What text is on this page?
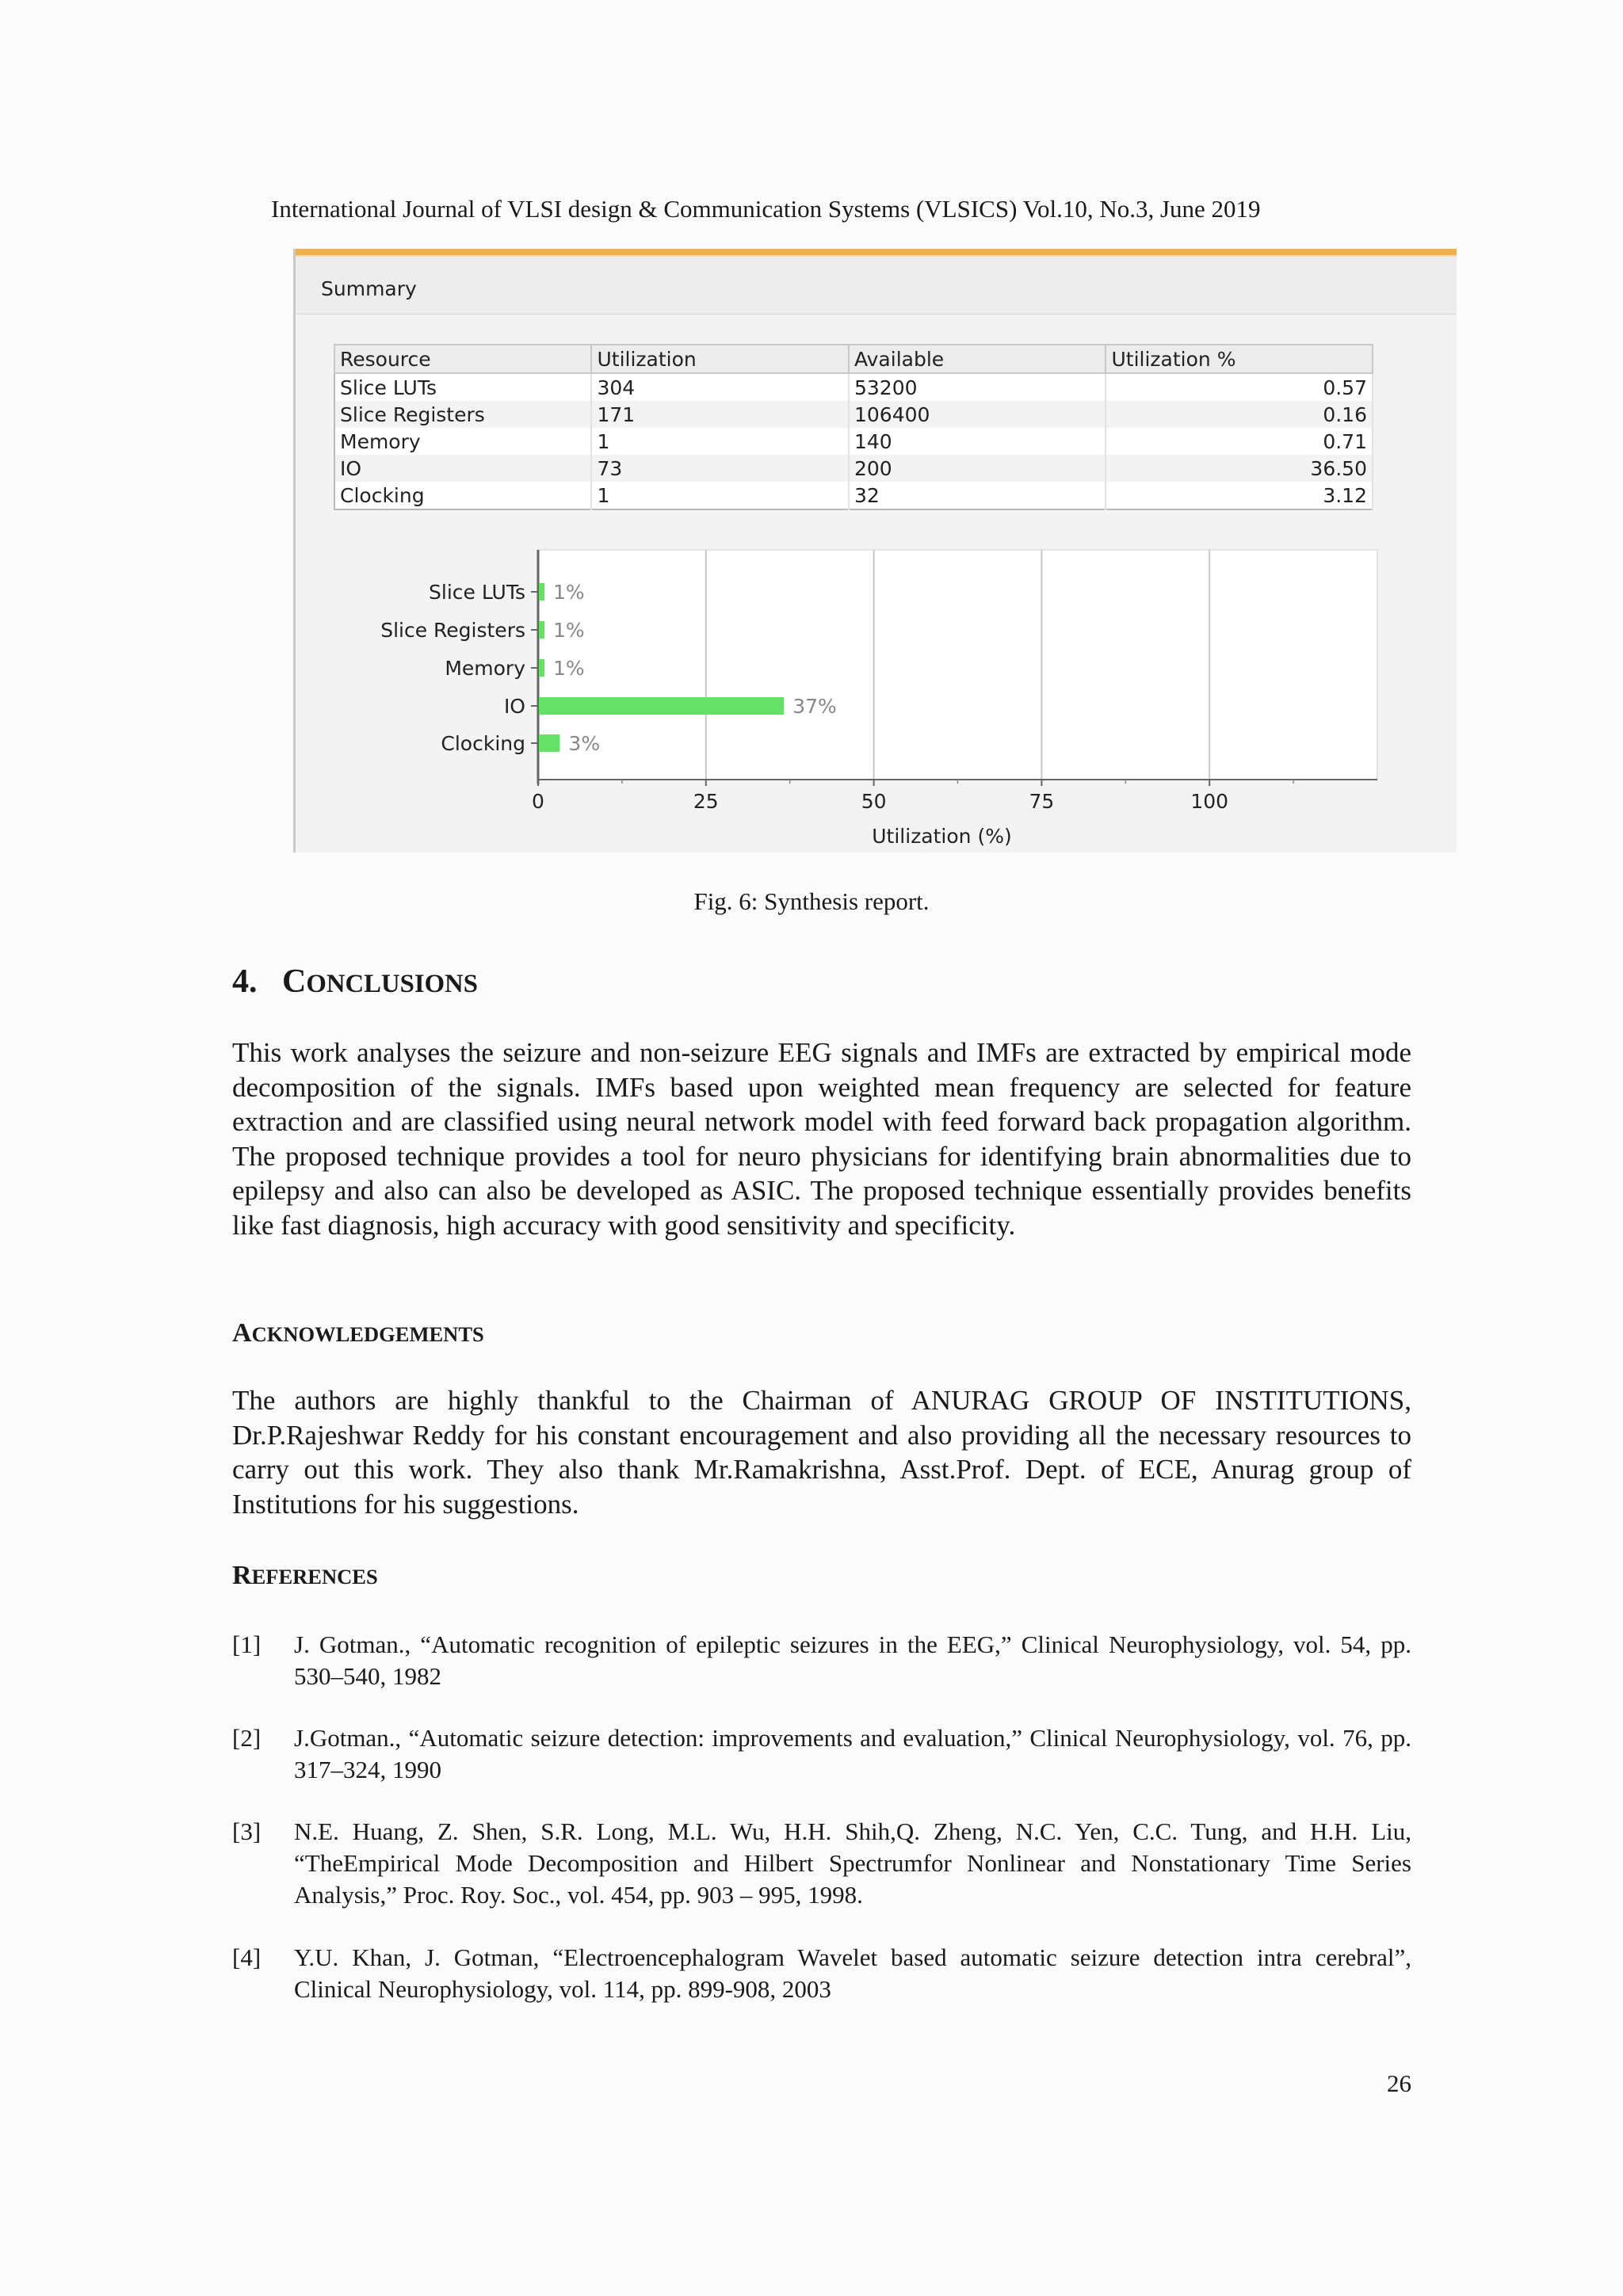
International Journal of VLSI design & Communication Systems (VLSICS) Vol.10, No.3, June 2019
Summary
Resource	Utilization	Available	Utilization %
Slice LUTs	304	53200	0.57
Slice Registers	171	106400	0.16
Memory	1	140	0.71
IO	73	200	36.50
Clocking	1	32	3.12
0	25	50	75	100
Slice LUTs 1%
Slice Registers 1%
Memory 1%
IO	37%
Clocking 3%
Utilization (%)
Fig. 6: Synthesis report.
4. CONCLUSIONS

This work analyses the seizure and non-seizure EEG signals and IMFs are extracted by empirical mode decomposition of the signals. IMFs based upon weighted mean frequency are selected for feature extraction and are classified using neural network model with feed forward back propagation algorithm. The proposed technique provides a tool for neuro physicians for identifying brain abnormalities due to epilepsy and also can also be developed as ASIC. The proposed technique essentially provides benefits like fast diagnosis, high accuracy with good sensitivity and specificity.

ACKNOWLEDGEMENTS

The authors are highly thankful to the Chairman of ANURAG GROUP OF INSTITUTIONS, Dr.P.Rajeshwar Reddy for his constant encouragement and also providing all the necessary resources to carry out this work. They also thank Mr.Ramakrishna, Asst.Prof. Dept. of ECE, Anurag group of Institutions for his suggestions.

REFERENCES
[1] J. Gotman., “Automatic recognition of epileptic seizures in the EEG,” Clinical Neurophysiology, vol. 54, pp. 530–540, 1982
[2] J.Gotman., “Automatic seizure detection: improvements and evaluation,” Clinical Neurophysiology, vol. 76, pp. 317–324, 1990
[3] N.E. Huang, Z. Shen, S.R. Long, M.L. Wu, H.H. Shih,Q. Zheng, N.C. Yen, C.C. Tung, and H.H. Liu, “TheEmpirical Mode Decomposition and Hilbert Spectrumfor Nonlinear and Nonstationary Time Series Analysis,” Proc. Roy. Soc., vol. 454, pp. 903 – 995, 1998.
[4] Y.U. Khan, J. Gotman, “Electroencephalogram Wavelet based automatic seizure detection intra cerebral”, Clinical Neurophysiology, vol. 114, pp. 899-908, 2003
26
